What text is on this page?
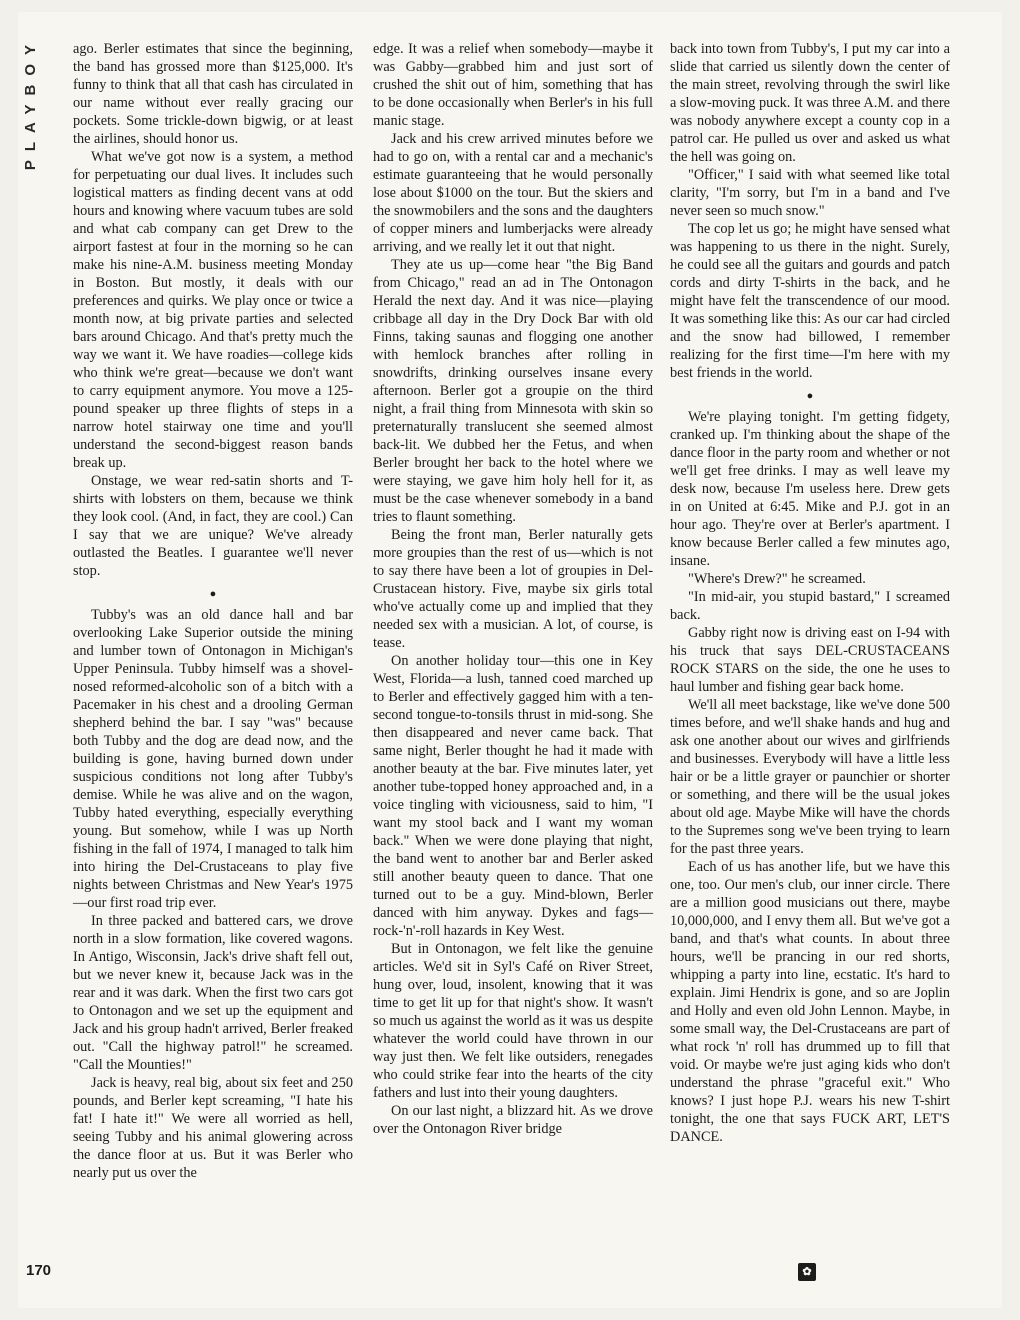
PLAYBOY
170

ago. Berler estimates that since the beginning, the band has grossed more than $125,000. It's funny to think that all that cash has circulated in our name without ever really gracing our pockets. Some trickle-down bigwig, or at least the airlines, should honor us.

What we've got now is a system, a method for perpetuating our dual lives. It includes such logistical matters as finding decent vans at odd hours and knowing where vacuum tubes are sold and what cab company can get Drew to the airport fastest at four in the morning so he can make his nine-A.M. business meeting Monday in Boston. But mostly, it deals with our preferences and quirks. We play once or twice a month now, at big private parties and selected bars around Chicago. And that's pretty much the way we want it. We have roadies—college kids who think we're great—because we don't want to carry equipment anymore. You move a 125-pound speaker up three flights of steps in a narrow hotel stairway one time and you'll understand the second-biggest reason bands break up.

Onstage, we wear red-satin shorts and T-shirts with lobsters on them, because we think they look cool. (And, in fact, they are cool.) Can I say that we are unique? We've already outlasted the Beatles. I guarantee we'll never stop.

●

Tubby's was an old dance hall and bar overlooking Lake Superior outside the mining and lumber town of Ontonagon in Michigan's Upper Peninsula. Tubby himself was a shovel-nosed reformed-alcoholic son of a bitch with a Pacemaker in his chest and a drooling German shepherd behind the bar. I say "was" because both Tubby and the dog are dead now, and the building is gone, having burned down under suspicious conditions not long after Tubby's demise. While he was alive and on the wagon, Tubby hated everything, especially everything young. But somehow, while I was up North fishing in the fall of 1974, I managed to talk him into hiring the Del-Crustaceans to play five nights between Christmas and New Year's 1975—our first road trip ever.

In three packed and battered cars, we drove north in a slow formation, like covered wagons. In Antigo, Wisconsin, Jack's drive shaft fell out, but we never knew it, because Jack was in the rear and it was dark. When the first two cars got to Ontonagon and we set up the equipment and Jack and his group hadn't arrived, Berler freaked out. "Call the highway patrol!" he screamed. "Call the Mounties!"

Jack is heavy, real big, about six feet and 250 pounds, and Berler kept screaming, "I hate his fat! I hate it!" We were all worried as hell, seeing Tubby and his animal glowering across the dance floor at us. But it was Berler who nearly put us over the

edge. It was a relief when somebody—maybe it was Gabby—grabbed him and just sort of crushed the shit out of him, something that has to be done occasionally when Berler's in his full manic stage.

Jack and his crew arrived minutes before we had to go on, with a rental car and a mechanic's estimate guaranteeing that he would personally lose about $1000 on the tour. But the skiers and the snowmobilers and the sons and the daughters of copper miners and lumberjacks were already arriving, and we really let it out that night.

They ate us up—come hear "the Big Band from Chicago," read an ad in The Ontonagon Herald the next day. And it was nice—playing cribbage all day in the Dry Dock Bar with old Finns, taking saunas and flogging one another with hemlock branches after rolling in snowdrifts, drinking ourselves insane every afternoon. Berler got a groupie on the third night, a frail thing from Minnesota with skin so preternaturally translucent she seemed almost back-lit. We dubbed her the Fetus, and when Berler brought her back to the hotel where we were staying, we gave him holy hell for it, as must be the case whenever somebody in a band tries to flaunt something.

Being the front man, Berler naturally gets more groupies than the rest of us—which is not to say there have been a lot of groupies in Del-Crustacean history. Five, maybe six girls total who've actually come up and implied that they needed sex with a musician. A lot, of course, is tease.

On another holiday tour—this one in Key West, Florida—a lush, tanned coed marched up to Berler and effectively gagged him with a ten-second tongue-to-tonsils thrust in mid-song. She then disappeared and never came back. That same night, Berler thought he had it made with another beauty at the bar. Five minutes later, yet another tube-topped honey approached and, in a voice tingling with viciousness, said to him, "I want my stool back and I want my woman back." When we were done playing that night, the band went to another bar and Berler asked still another beauty queen to dance. That one turned out to be a guy. Mind-blown, Berler danced with him anyway. Dykes and fags—rock-'n'-roll hazards in Key West.

But in Ontonagon, we felt like the genuine articles. We'd sit in Syl's Café on River Street, hung over, loud, insolent, knowing that it was time to get lit up for that night's show. It wasn't so much us against the world as it was us despite whatever the world could have thrown in our way just then. We felt like outsiders, renegades who could strike fear into the hearts of the city fathers and lust into their young daughters.

On our last night, a blizzard hit. As we drove over the Ontonagon River bridge

back into town from Tubby's, I put my car into a slide that carried us silently down the center of the main street, revolving through the swirl like a slow-moving puck. It was three A.M. and there was nobody anywhere except a county cop in a patrol car. He pulled us over and asked us what the hell was going on.

"Officer," I said with what seemed like total clarity, "I'm sorry, but I'm in a band and I've never seen so much snow."

The cop let us go; he might have sensed what was happening to us there in the night. Surely, he could see all the guitars and gourds and patch cords and dirty T-shirts in the back, and he might have felt the transcendence of our mood. It was something like this: As our car had circled and the snow had billowed, I remember realizing for the first time—I'm here with my best friends in the world.

●

We're playing tonight. I'm getting fidgety, cranked up. I'm thinking about the shape of the dance floor in the party room and whether or not we'll get free drinks. I may as well leave my desk now, because I'm useless here. Drew gets in on United at 6:45. Mike and P.J. got in an hour ago. They're over at Berler's apartment. I know because Berler called a few minutes ago, insane.

"Where's Drew?" he screamed.

"In mid-air, you stupid bastard," I screamed back.

Gabby right now is driving east on I-94 with his truck that says DEL-CRUSTACEANS ROCK STARS on the side, the one he uses to haul lumber and fishing gear back home.

We'll all meet backstage, like we've done 500 times before, and we'll shake hands and hug and ask one another about our wives and girlfriends and businesses. Everybody will have a little less hair or be a little grayer or paunchier or shorter or something, and there will be the usual jokes about old age. Maybe Mike will have the chords to the Supremes song we've been trying to learn for the past three years.

Each of us has another life, but we have this one, too. Our men's club, our inner circle. There are a million good musicians out there, maybe 10,000,000, and I envy them all. But we've got a band, and that's what counts. In about three hours, we'll be prancing in our red shorts, whipping a party into line, ecstatic. It's hard to explain. Jimi Hendrix is gone, and so are Joplin and Holly and even old John Lennon. Maybe, in some small way, the Del-Crustaceans are part of what rock 'n' roll has drummed up to fill that void. Or maybe we're just aging kids who don't understand the phrase "graceful exit." Who knows? I just hope P.J. wears his new T-shirt tonight, the one that says FUCK ART, LET'S DANCE.

✿
